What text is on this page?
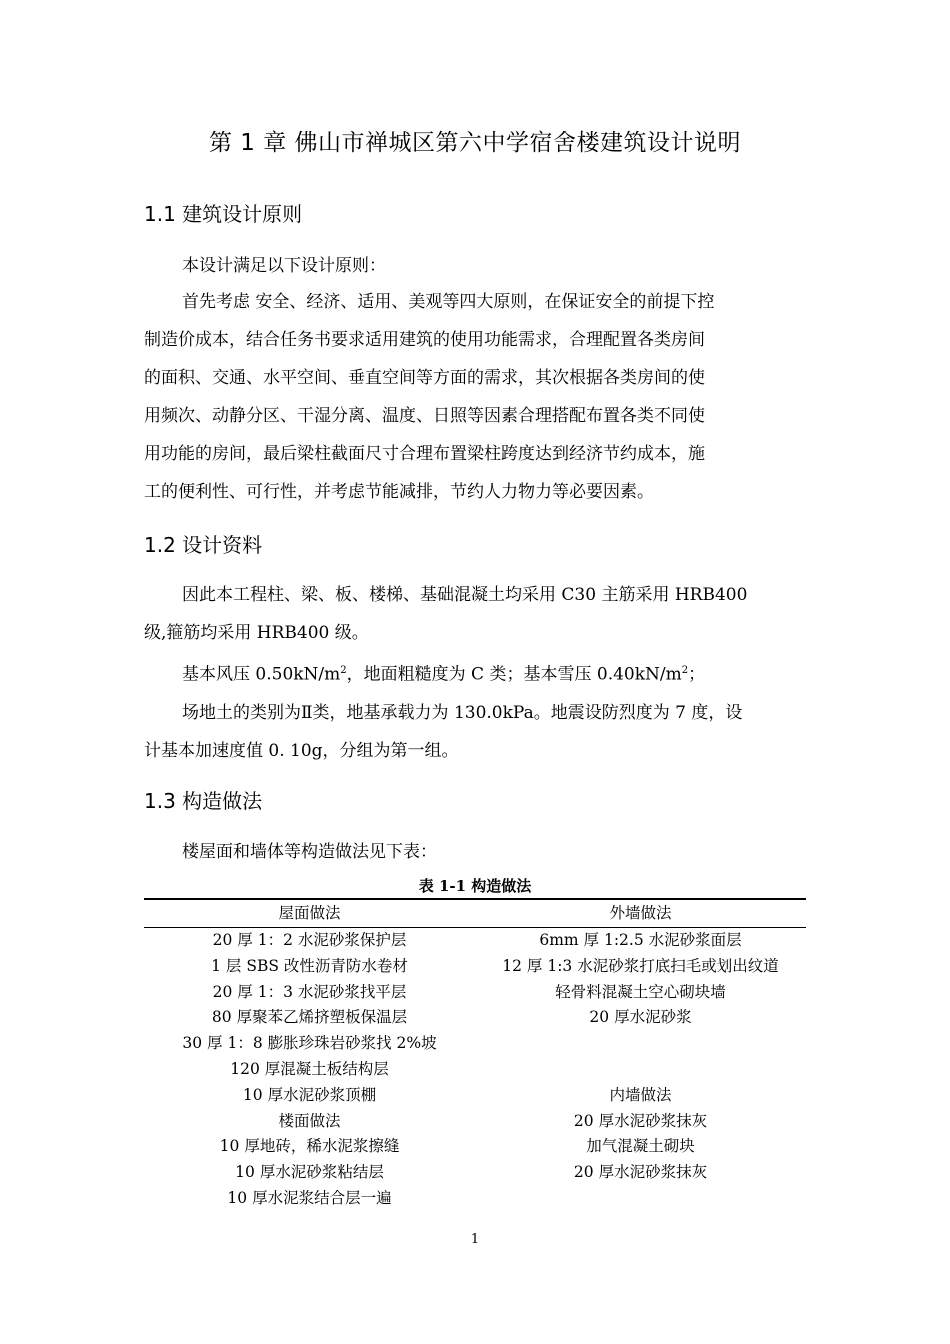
第 1 章 佛山市禅城区第六中学宿舍楼建筑设计说明
1.1 建筑设计原则

本设计满足以下设计原则：

首先考虑 安全、经济、适用、美观等四大原则，在保证安全的前提下控
制造价成本，结合任务书要求适用建筑的使用功能需求，合理配置各类房间
的面积、交通、水平空间、垂直空间等方面的需求，其次根据各类房间的使
用频次、动静分区、干湿分离、温度、日照等因素合理搭配布置各类不同使
用功能的房间，最后梁柱截面尺寸合理布置梁柱跨度达到经济节约成本，施
工的便利性、可行性，并考虑节能减排，节约人力物力等必要因素。
1.2 设计资料
因此本工程柱、梁、板、楼梯、基础混凝土均采用 C30 主筋采用 HRB400
级,箍筋均采用 HRB400 级。
基本风压 $0.50kN/m^2$，地面粗糙度为 C 类；基本雪压 $0.40kN/m^2$；
场地土的类别为Ⅱ类，地基承载力为 130.0kPa。地震设防烈度为 7 度，设
计基本加速度值 0. 10g，分组为第一组。
1.3 构造做法

楼屋面和墙体等构造做法见下表：

表 1-1 构造做法
屋面做法
20 厚 1：2 水泥砂浆保护层
1 层 SBS 改性沥青防水卷材
20 厚 1：3 水泥砂浆找平层
80 厚聚苯乙烯挤塑板保温层
30 厚 1：8 膨胀珍珠岩砂浆找 2%坡
120 厚混凝土板结构层
10 厚水泥砂浆顶棚
楼面做法
10 厚地砖，稀水泥浆擦缝
10 厚水泥砂浆粘结层
10 厚水泥浆结合层一遍
外墙做法
6mm 厚 1:2.5 水泥砂浆面层
12 厚 1:3 水泥砂浆打底扫毛或划出纹道
轻骨料混凝土空心砌块墙
20 厚水泥砂浆
内墙做法
20 厚水泥砂浆抹灰
加气混凝土砌块
20 厚水泥砂浆抹灰
1
